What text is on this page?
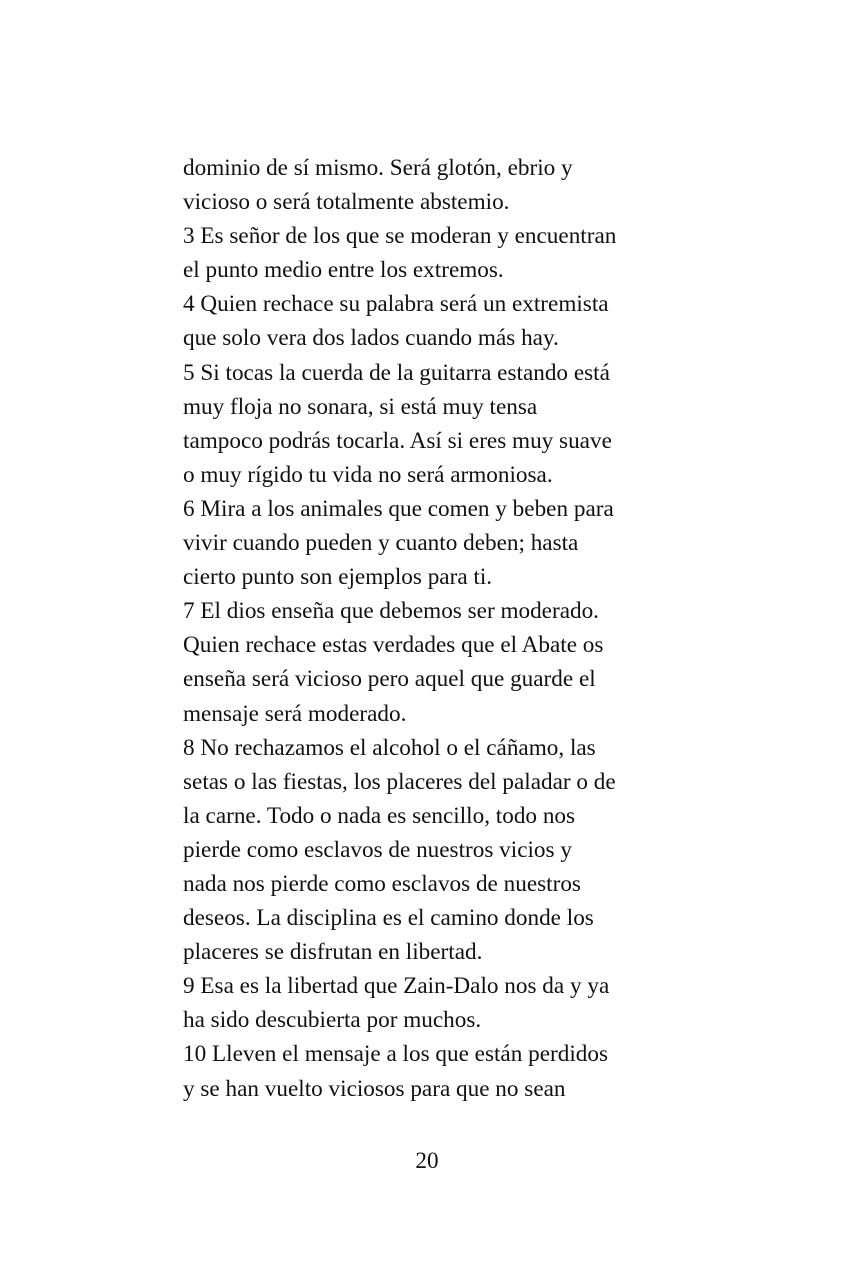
dominio de sí mismo. Será glotón, ebrio y
vicioso o será totalmente abstemio.
3 Es señor de los que se moderan y encuentran
el punto medio entre los extremos.
4 Quien rechace su palabra será un extremista
que solo vera dos lados cuando más hay.
5 Si tocas la cuerda de la guitarra estando está
muy floja no sonara, si está muy tensa
tampoco podrás tocarla. Así si eres muy suave
o muy rígido tu vida no será armoniosa.
6 Mira a los animales que comen y beben para
vivir cuando pueden y cuanto deben; hasta
cierto punto son ejemplos para ti.
7 El dios enseña que debemos ser moderado.
Quien rechace estas verdades que el Abate os
enseña será vicioso pero aquel que guarde el
mensaje será moderado.
8 No rechazamos el alcohol o el cáñamo, las
setas o las fiestas, los placeres del paladar o de
la carne. Todo o nada es sencillo, todo nos
pierde como esclavos de nuestros vicios y
nada nos pierde como esclavos de nuestros
deseos. La disciplina es el camino donde los
placeres se disfrutan en libertad.
9 Esa es la libertad que Zain-Dalo nos da y ya
ha sido descubierta por muchos.
10 Lleven el mensaje a los que están perdidos
y se han vuelto viciosos para que no sean
20
